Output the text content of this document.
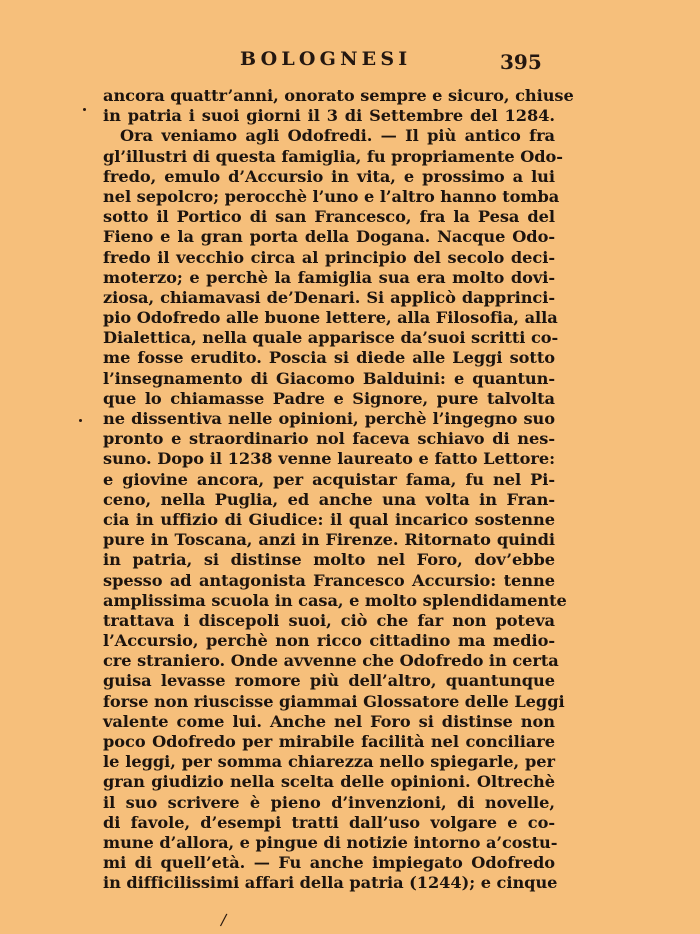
BOLOGNESI	395
/
ancora quattr’anni, onorato sempre e sicuro, chiuse
in patria i suoi giorni il 3 di Settembre del 1284.
Ora veniamo agli Odofredi. — Il più antico fra
gl’illustri di questa famiglia, fu propriamente Odo-
fredo, emulo d’Accursio in vita, e prossimo a lui
nel sepolcro; perocchè l’uno e l’altro hanno tomba
sotto il Portico di san Francesco, fra la Pesa del
Fieno e la gran porta della Dogana. Nacque Odo-
fredo il vecchio circa al principio del secolo deci-
moterzo; e perchè la famiglia sua era molto dovi-
ziosa, chiamavasi de’Denari. Si applicò dapprinci-
pio Odofredo alle buone lettere, alla Filosofia, alla
Dialettica, nella quale apparisce da’suoi scritti co-
me fosse erudito. Poscia si diede alle Leggi sotto
l’insegnamento di Giacomo Balduini: e quantun-
que lo chiamasse Padre e Signore, pure talvolta
ne dissentiva nelle opinioni, perchè l’ingegno suo
pronto e straordinario nol faceva schiavo di nes-
suno. Dopo il 1238 venne laureato e fatto Lettore:
e giovine ancora, per acquistar fama, fu nel Pi-
ceno, nella Puglia, ed anche una volta in Fran-
cia in uffizio di Giudice: il qual incarico sostenne
pure in Toscana, anzi in Firenze. Ritornato quindi
in patria, si distinse molto nel Foro, dov’ebbe
spesso ad antagonista Francesco Accursio: tenne
amplissima scuola in casa, e molto splendidamente
trattava i discepoli suoi, ciò che far non poteva
l’Accursio, perchè non ricco cittadino ma medio-
cre straniero. Onde avvenne che Odofredo in certa
guisa levasse romore più dell’altro, quantunque
forse non riuscisse giammai Glossatore delle Leggi
valente come lui. Anche nel Foro si distinse non
poco Odofredo per mirabile facilità nel conciliare
le leggi, per somma chiarezza nello spiegarle, per
gran giudizio nella scelta delle opinioni. Oltrechè
il suo scrivere è pieno d’invenzioni, di novelle,
di favole, d’esempi tratti dall’uso volgare e co-
mune d’allora, e pingue di notizie intorno a’costu-
mi di quell’età. — Fu anche impiegato Odofredo
in difficilissimi affari della patria (1244); e cinque
